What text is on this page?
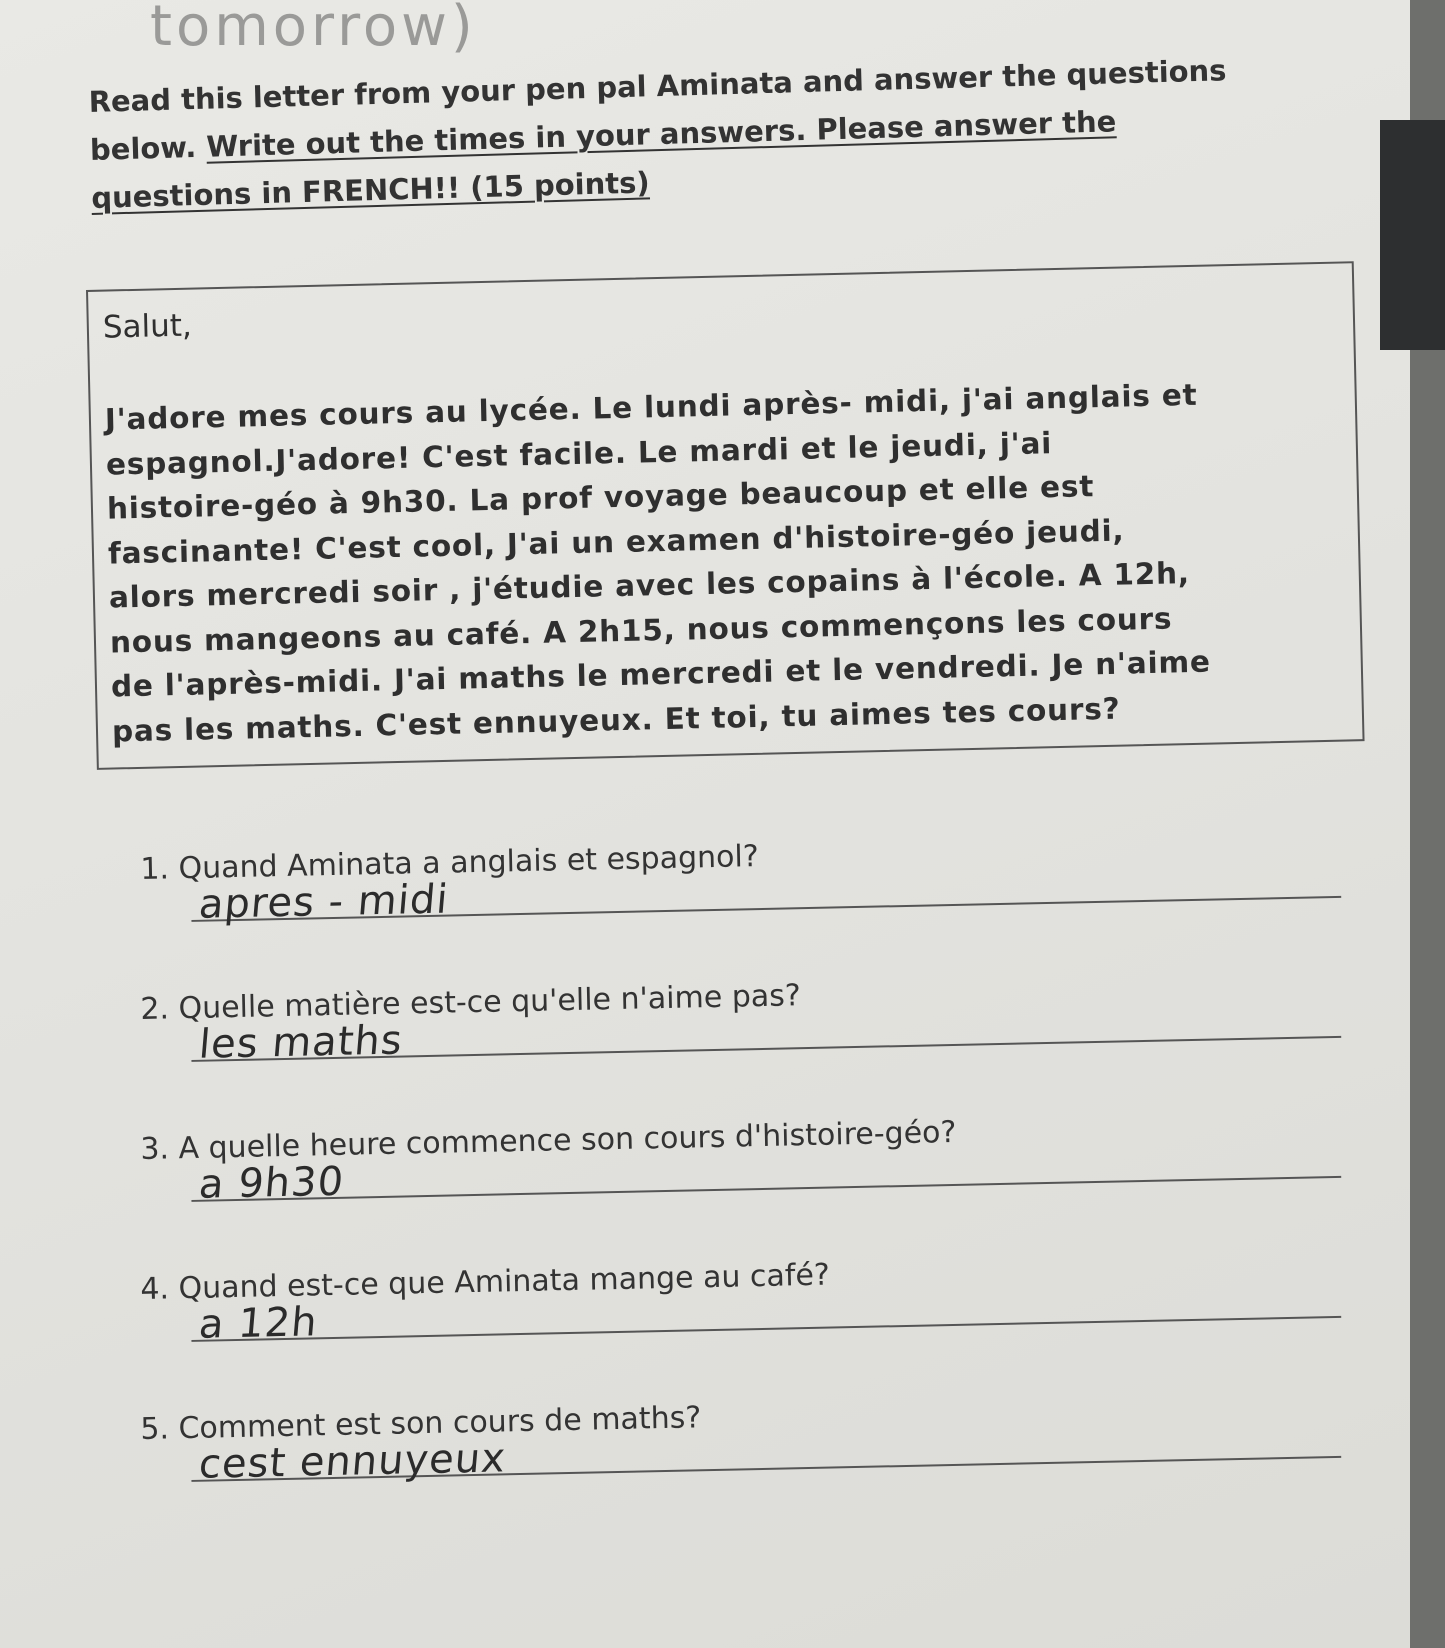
tomorrow)
Read this letter from your pen pal Aminata and answer the questions below. Write out the times in your answers. Please answer the questions in FRENCH!! (15 points)
Salut,
J'adore mes cours au lycée. Le lundi après- midi, j'ai anglais et
espagnol.J'adore! C'est facile. Le mardi et le jeudi, j'ai
histoire-géo à 9h30. La prof voyage beaucoup et elle est
fascinante! C'est cool, J'ai un examen d'histoire-géo jeudi,
alors mercredi soir , j'étudie avec les copains à l'école. A 12h,
nous mangeons au café. A 2h15, nous commençons les cours
de l'après-midi. J'ai maths le mercredi et le vendredi. Je n'aime
pas les maths. C'est ennuyeux. Et toi, tu aimes tes cours?
1. Quand Aminata a anglais et espagnol?
apres - midi
2. Quelle matière est-ce qu'elle n'aime pas?
les maths
3. A quelle heure commence son cours d'histoire-géo?
a 9h30
4. Quand est-ce que Aminata mange au café?
a 12h
5. Comment est son cours de maths?
cest ennuyeux
